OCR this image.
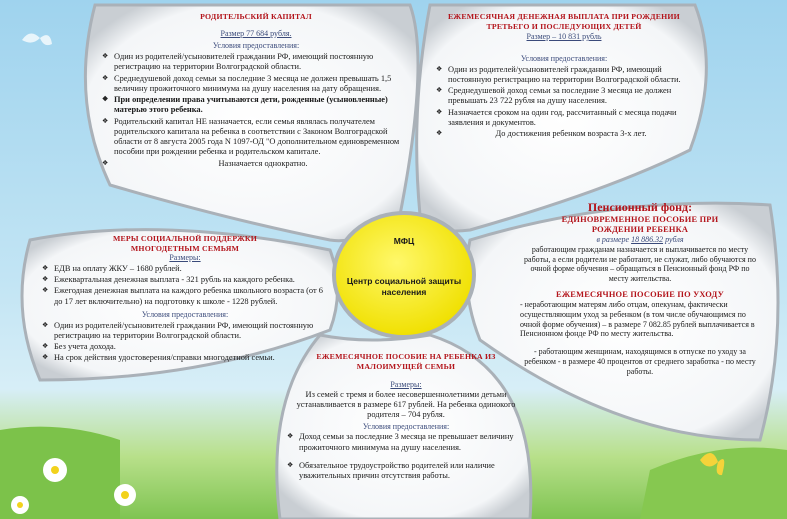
РОДИТЕЛЬСКИЙ КАПИТАЛ
Размер 77 684 рубля.
Условия предоставления:
❖ Один из родителей/усыновителей граждании РФ, имеющий постоянную регистрацию на территории Волгоградской области.
❖ Среднедушевой доход семьи за последние 3 месяца не должен превышать 1,5 величину прожиточного минимума на душу населения на дату обращения.
❖ При определении права учитываются дети, рожденные (усыновленные) матерью этого ребенка.
❖ Родительский капитал НЕ назначается, если семья являлась получателем родительского капитала на ребенка в соответствии с Законом Волгоградской области от 8 августа 2005 года N 1097-ОД "О дополнительном единовременном пособии при рождении ребенка и родительском капитале.
❖ Назначается однократно.
ЕЖЕМЕСЯЧНАЯ ДЕНЕЖНАЯ ВЫПЛАТА ПРИ РОЖДЕНИИ ТРЕТЬЕГО И ПОСЛЕДУЮЩИХ ДЕТЕЙ
Размер – 10 831 рубль
Условия предоставления:
❖ Один из родителей/усыновителей граждании РФ, имеющий постоянную регистрацию на территории Волгоградской области.
❖ Среднедушевой доход семьи за последние 3 месяца не должен превышать 23 722 рубля на душу населения.
❖ Назначается сроком на один год, рассчитанный с месяца подачи заявления и документов.
❖ До достижения ребенком возраста 3-х лет.
МЕРЫ СОЦИАЛЬНОЙ ПОДДЕРЖКИ МНОГОДЕТНЫМ СЕМЬЯМ
Размеры:
❖ ЕДВ на оплату ЖКУ – 1680 рублей.
❖ Ежеквартальная денежная выплата - 321 рубль на каждого ребенка.
❖ Ежегодная денежная выплата на каждого ребенка школьного возраста (от 6 до 17 лет включительно) на подготовку к школе - 1228 рублей.
Условия предоставления:
❖ Один из родителей/усыновителей граждании РФ, имеющий постоянную регистрацию на территории Волгоградской области.
❖ Без учета дохода.
❖ На срок действия удостоверения/справки многодетной семьи.
МФЦ
Центр социальной защиты населения
ЕЖЕМЕСЯЧНОЕ ПОСОБИЕ НА РЕБЕНКА ИЗ МАЛОИМУЩЕЙ СЕМЬИ
Размеры:
Из семей с тремя и более несовершеннолетними детьми устанавливается в размере 617 рублей. На ребенка одинокого родителя – 704 рубля.
Условия предоставления:
❖ Доход семьи за последние 3 месяца не превышает величину прожиточного минимума на душу населения.
❖ Обязательное трудоустройство родителей или наличие уважительных причин отсутствия работы.
Пенсионный фонд:
ЕДИНОВРЕМЕННОЕ ПОСОБИЕ ПРИ РОЖДЕНИИ РЕБЕНКА
в размере 18 886.32 рубля
работающим гражданам назначается и выплачивается по месту работы, а если родители не работают, не служат, либо обучаются по очной форме обучения – обращаться в Пенсионный фонд РФ по месту жительства.
ЕЖЕМЕСЯЧНОЕ ПОСОБИЕ ПО УХОДУ
- неработающим матерям либо отцам, опекунам, фактически осуществляющим уход за ребенком (в том числе обучающимся по очной форме обучения) – в размере 7 082.85 рублей выплачивается в Пенсионном фонде РФ по месту жительства.
- работающим женщинам, находящимся в отпуске по уходу за ребенком - в размере 40 процентов от среднего заработка - по месту работы.
